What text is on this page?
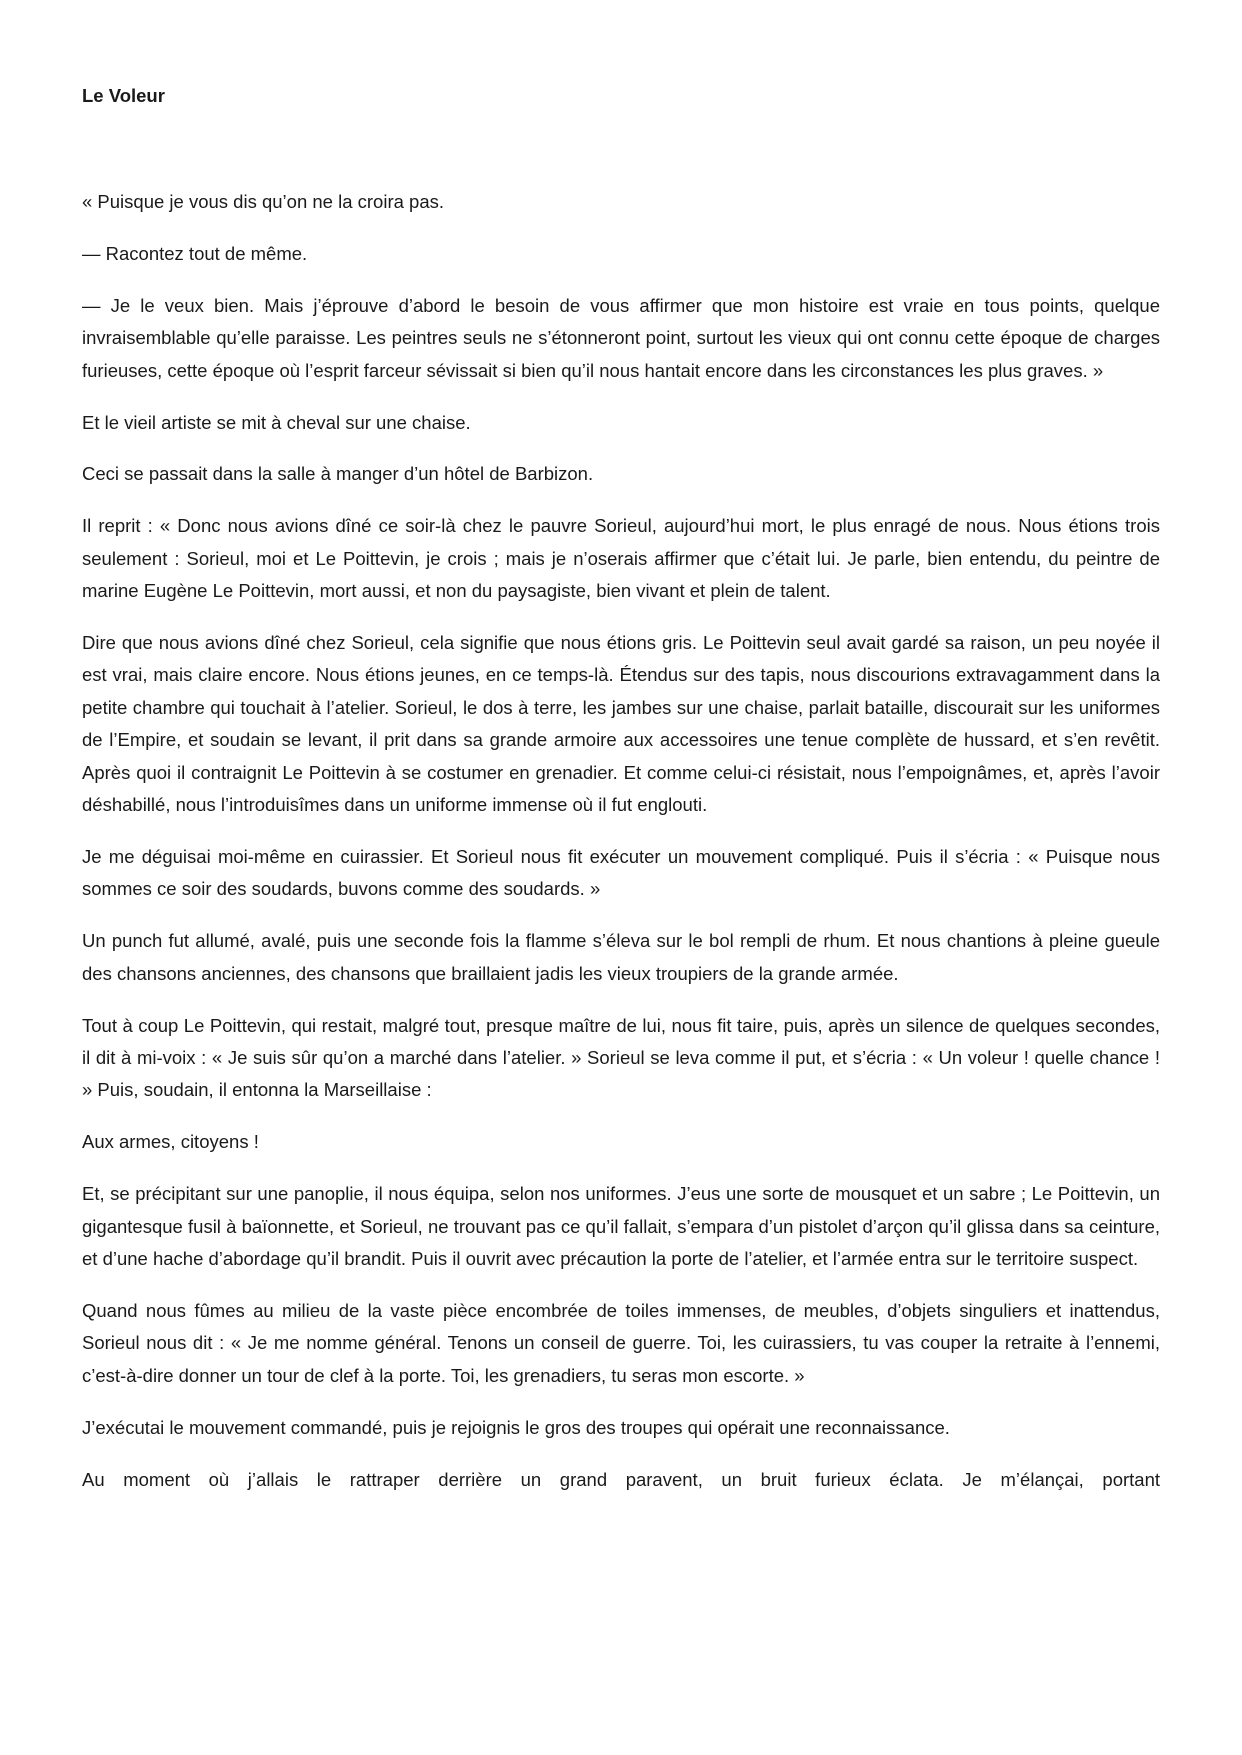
Le Voleur

« Puisque je vous dis qu’on ne la croira pas.

— Racontez tout de même.

— Je le veux bien. Mais j’éprouve d’abord le besoin de vous affirmer que mon histoire est vraie en tous points, quelque invraisemblable qu’elle paraisse. Les peintres seuls ne s’étonneront point, surtout les vieux qui ont connu cette époque de charges furieuses, cette époque où l’esprit farceur sévissait si bien qu’il nous hantait encore dans les circonstances les plus graves. »

Et le vieil artiste se mit à cheval sur une chaise.

Ceci se passait dans la salle à manger d’un hôtel de Barbizon.

Il reprit : « Donc nous avions dîné ce soir-là chez le pauvre Sorieul, aujourd’hui mort, le plus enragé de nous. Nous étions trois seulement : Sorieul, moi et Le Poittevin, je crois ; mais je n’oserais affirmer que c’était lui. Je parle, bien entendu, du peintre de marine Eugène Le Poittevin, mort aussi, et non du paysagiste, bien vivant et plein de talent.

Dire que nous avions dîné chez Sorieul, cela signifie que nous étions gris. Le Poittevin seul avait gardé sa raison, un peu noyée il est vrai, mais claire encore. Nous étions jeunes, en ce temps-là. Étendus sur des tapis, nous discourions extravagamment dans la petite chambre qui touchait à l’atelier. Sorieul, le dos à terre, les jambes sur une chaise, parlait bataille, discourait sur les uniformes de l’Empire, et soudain se levant, il prit dans sa grande armoire aux accessoires une tenue complète de hussard, et s’en revêtit. Après quoi il contraignit Le Poittevin à se costumer en grenadier. Et comme celui-ci résistait, nous l’empoignâmes, et, après l’avoir déshabillé, nous l’introduisîmes dans un uniforme immense où il fut englouti.

Je me déguisai moi-même en cuirassier. Et Sorieul nous fit exécuter un mouvement compliqué. Puis il s’écria : « Puisque nous sommes ce soir des soudards, buvons comme des soudards. »

Un punch fut allumé, avalé, puis une seconde fois la flamme s’éleva sur le bol rempli de rhum. Et nous chantions à pleine gueule des chansons anciennes, des chansons que braillaient jadis les vieux troupiers de la grande armée.

Tout à coup Le Poittevin, qui restait, malgré tout, presque maître de lui, nous fit taire, puis, après un silence de quelques secondes, il dit à mi-voix : « Je suis sûr qu’on a marché dans l’atelier. » Sorieul se leva comme il put, et s’écria : « Un voleur ! quelle chance ! » Puis, soudain, il entonna la Marseillaise :

Aux armes, citoyens !

Et, se précipitant sur une panoplie, il nous équipa, selon nos uniformes. J’eus une sorte de mousquet et un sabre ; Le Poittevin, un gigantesque fusil à baïonnette, et Sorieul, ne trouvant pas ce qu’il fallait, s’empara d’un pistolet d’arçon qu’il glissa dans sa ceinture, et d’une hache d’abordage qu’il brandit. Puis il ouvrit avec précaution la porte de l’atelier, et l’armée entra sur le territoire suspect.

Quand nous fûmes au milieu de la vaste pièce encombrée de toiles immenses, de meubles, d’objets singuliers et inattendus, Sorieul nous dit : « Je me nomme général. Tenons un conseil de guerre. Toi, les cuirassiers, tu vas couper la retraite à l’ennemi, c’est-à-dire donner un tour de clef à la porte. Toi, les grenadiers, tu seras mon escorte. »

J’exécutai le mouvement commandé, puis je rejoignis le gros des troupes qui opérait une reconnaissance.

Au moment où j’allais le rattraper derrière un grand paravent, un bruit furieux éclata. Je m’élançai, portant
